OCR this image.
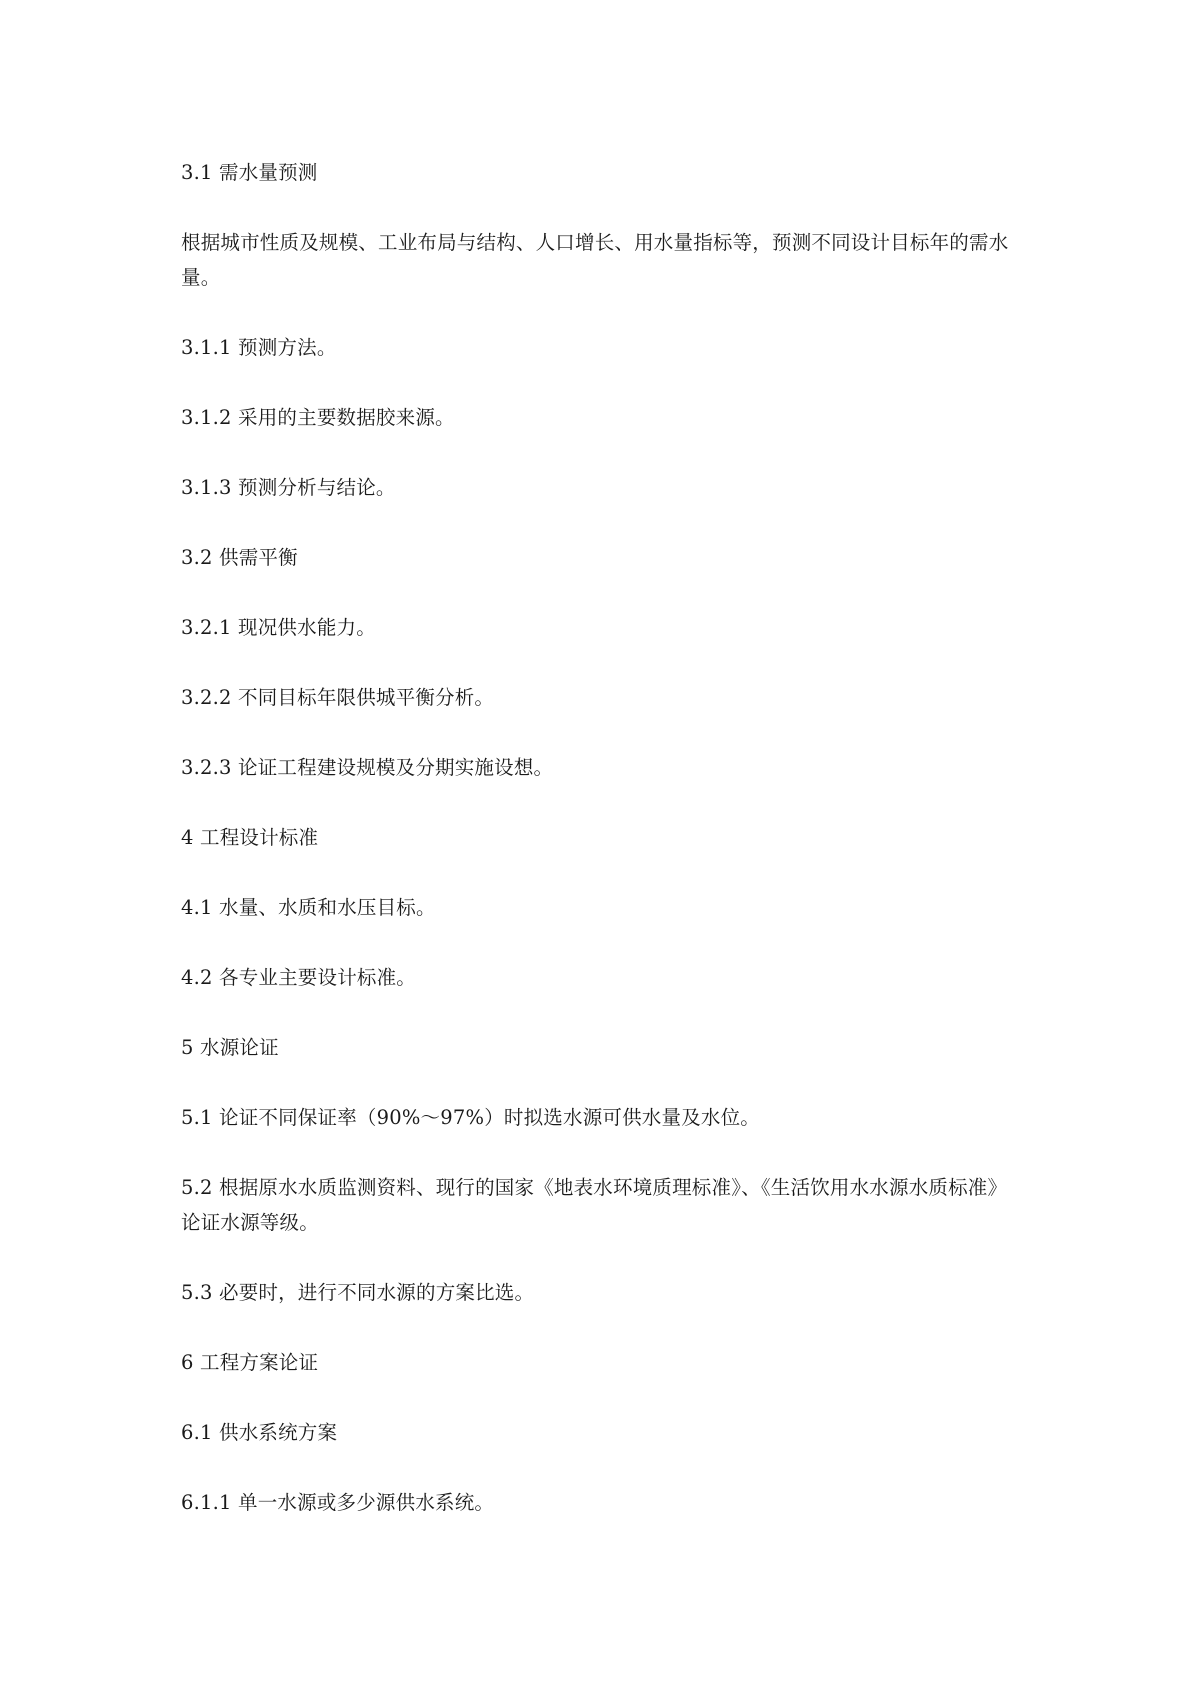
3.1 需水量预测

根据城市性质及规模、工业布局与结构、人口增长、用水量指标等，预测不同设计目标年的需水量。

3.1.1 预测方法。

3.1.2 采用的主要数据胶来源。

3.1.3 预测分析与结论。

3.2 供需平衡

3.2.1 现况供水能力。

3.2.2 不同目标年限供城平衡分析。

3.2.3 论证工程建设规模及分期实施设想。

4 工程设计标准

4.1 水量、水质和水压目标。

4.2 各专业主要设计标准。

5 水源论证

5.1 论证不同保证率（90%～97%）时拟选水源可供水量及水位。

5.2 根据原水水质监测资料、现行的国家《地表水环境质理标准》、《生活饮用水水源水质标准》论证水源等级。

5.3 必要时，进行不同水源的方案比选。

6 工程方案论证

6.1 供水系统方案

6.1.1 单一水源或多少源供水系统。
